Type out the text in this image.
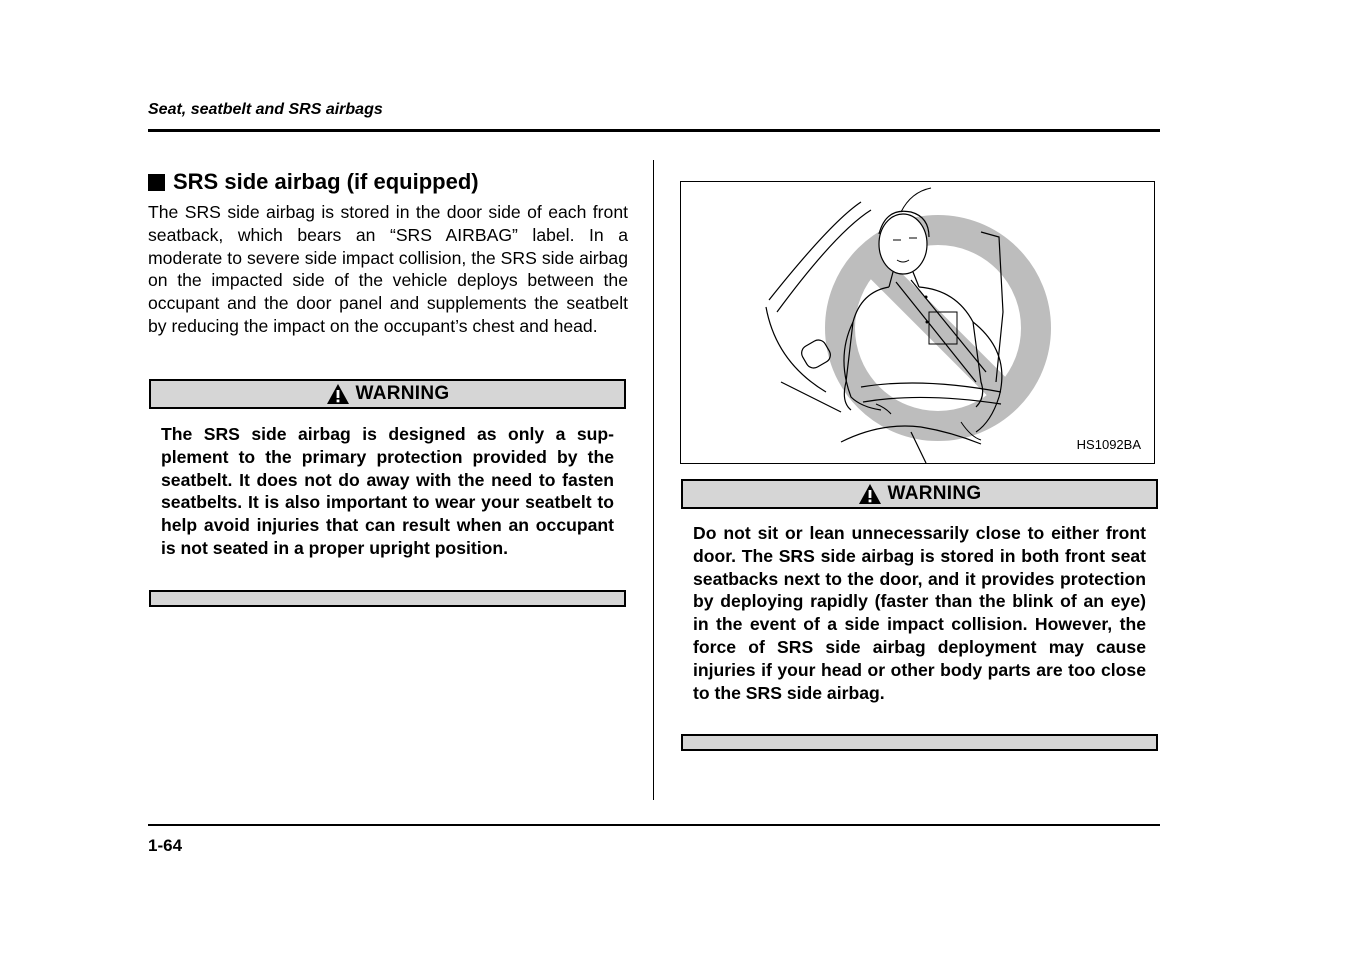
Seat, seatbelt and SRS airbags
SRS side airbag (if equipped)

The SRS side airbag is stored in the door side of each front seatback, which bears an “SRS AIRBAG” label. In a moderate to severe side impact collision, the SRS side airbag on the impacted side of the vehicle deploys between the occupant and the door panel and supplements the seatbelt by reducing the impact on the occupant’s chest and head.

WARNING

The SRS side airbag is designed as only a supplement to the primary protection provided by the seatbelt. It does not do away with the need to fasten seatbelts. It is also important to wear your seatbelt to help avoid injuries that can result when an occupant is not seated in a proper upright position.

HS1092BA
WARNING

Do not sit or lean unnecessarily close to either front door. The SRS side airbag is stored in both front seat seatbacks next to the door, and it provides protection by deploying rapidly (faster than the blink of an eye) in the event of a side impact collision. However, the force of SRS side airbag deployment may cause injuries if your head or other body parts are too close to the SRS side airbag.

1-64
